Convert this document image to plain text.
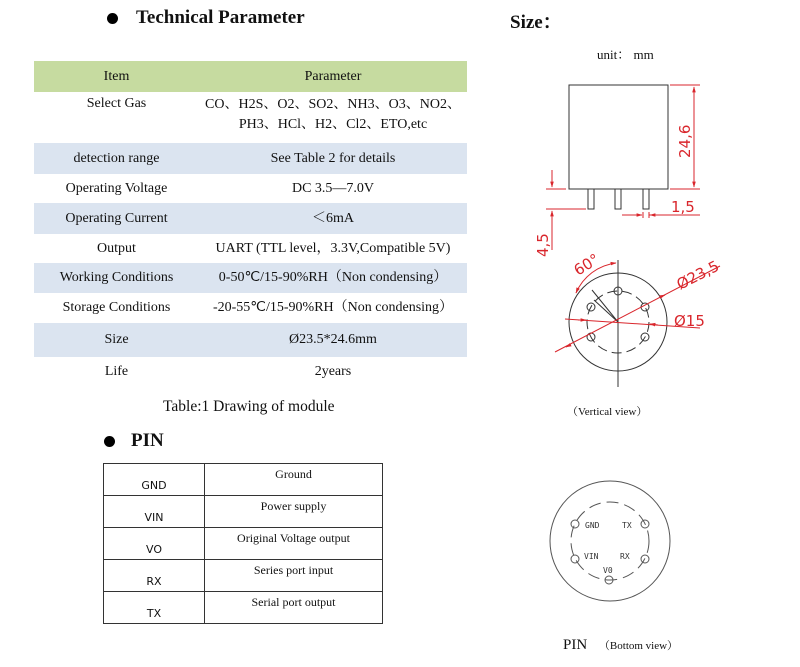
Technical Parameter
Item	Parameter
Select Gas	CO、H2S、O2、SO2、NH3、O3、NO2、
PH3、HCl、H2、Cl2、ETO,etc

detection range	See Table 2 for details
Operating Voltage	DC 3.5—7.0V
Operating Current	＜6mA
Output	UART (TTL level，3.3V,Compatible 5V)
Working Conditions	0-50℃/15-90%RH（Non condensing）
Storage Conditions	-20-55℃/15-90%RH（Non condensing）
Size	Ø23.5*24.6mm
Life	2years
Table:1 Drawing of module
PIN
GND	Ground
VIN	Power supply
VO	Original Voltage output
RX	Series port input
TX	Serial port output
Size：
unit： mm
24,6
1,5
4,5
60°	Ø23,5
Ø15
GND	TX
VIN	RX
V0
（Vertical view）
PIN （Bottom view）
